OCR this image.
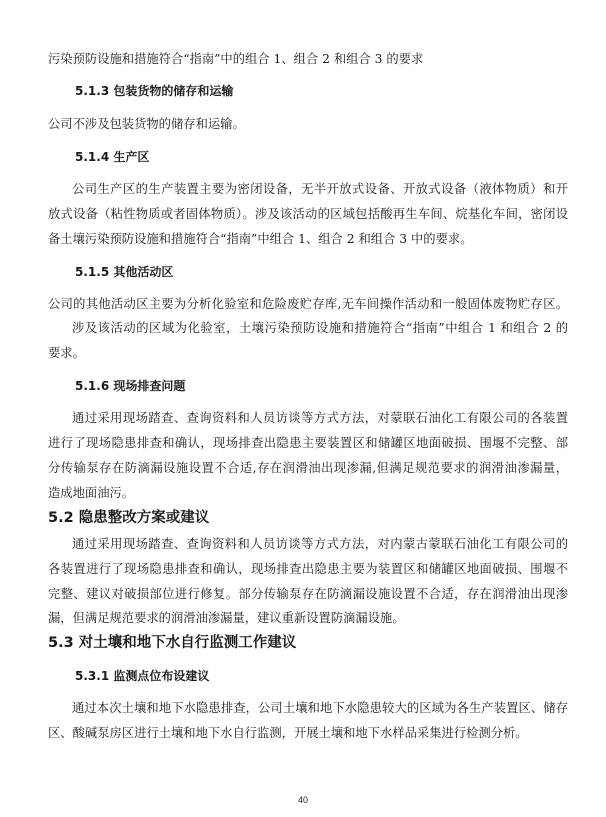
污染预防设施和措施符合“指南”中的组合 1、组合 2 和组合 3 的要求
5.1.3 包装货物的储存和运输
公司不涉及包装货物的储存和运输。
5.1.4 生产区
公司生产区的生产装置主要为密闭设备，无半开放式设备、开放式设备（液体物质）和开
放式设备（粘性物质或者固体物质）。涉及该活动的区域包括酸再生车间、烷基化车间，密闭设
备土壤污染预防设施和措施符合“指南”中组合 1、组合 2 和组合 3 中的要求。
5.1.5 其他活动区
公司的其他活动区主要为分析化验室和危险废贮存库,无车间操作活动和一般固体废物贮存区。
涉及该活动的区域为化验室，土壤污染预防设施和措施符合“指南”中组合 1 和组合 2 的
要求。
5.1.6 现场排查问题
通过采用现场踏查、查询资料和人员访谈等方式方法，对蒙联石油化工有限公司的各装置
进行了现场隐患排查和确认，现场排查出隐患主要装置区和储罐区地面破损、围堰不完整、部
分传输泵存在防滴漏设施设置不合适,存在润滑油出现渗漏,但满足规范要求的润滑油渗漏量，
造成地面油污。
5.2 隐患整改方案或建议
通过采用现场踏查、查询资料和人员访谈等方式方法，对内蒙古蒙联石油化工有限公司的
各装置进行了现场隐患排查和确认，现场排查出隐患主要为装置区和储罐区地面破损、围堰不
完整、建议对破损部位进行修复。部分传输泵存在防滴漏设施设置不合适，存在润滑油出现渗
漏，但满足规范要求的润滑油渗漏量，建议重新设置防滴漏设施。
5.3 对土壤和地下水自行监测工作建议
5.3.1 监测点位布设建议
通过本次土壤和地下水隐患排查，公司土壤和地下水隐患较大的区域为各生产装置区、储存
区、酸碱泵房区进行土壤和地下水自行监测，开展土壤和地下水样品采集进行检测分析。
40
